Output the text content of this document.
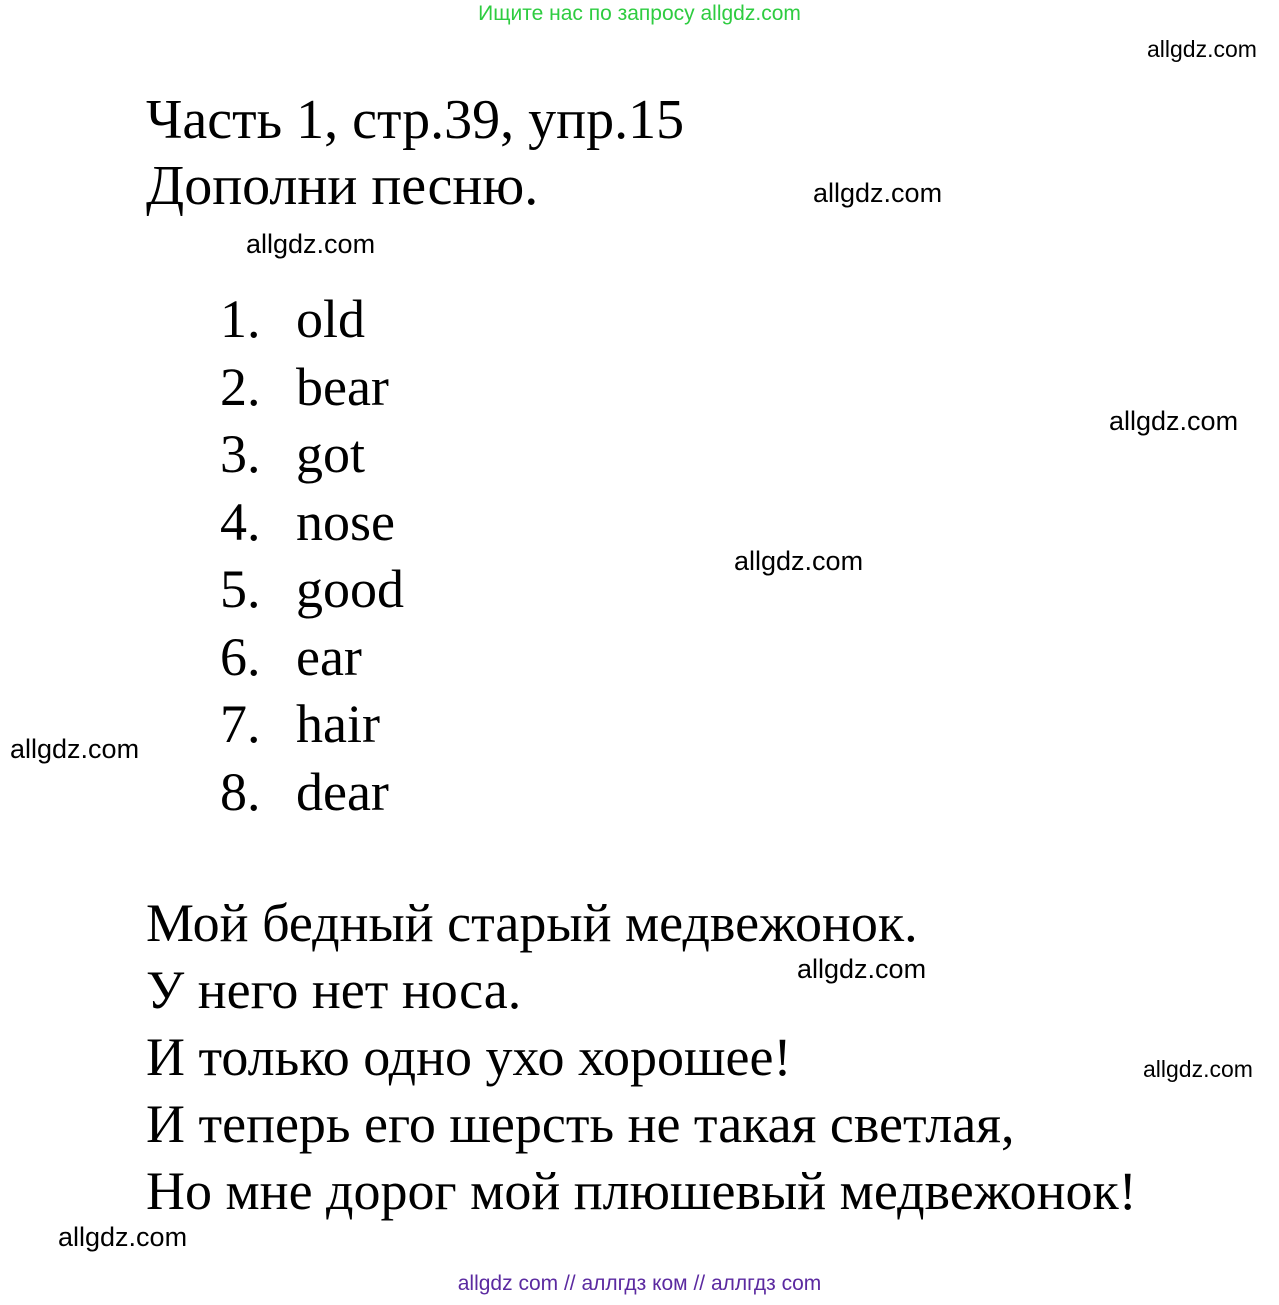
Ищите нас по запросу allgdz.com
allgdz.com
Часть 1, стр.39, упр.15
Дополни песню.	allgdz.com
allgdz.com
allgdz.com
allgdz.com
allgdz.com
1. old
2. bear
3. got
4. nose
5. good
6. ear
7. hair
8. dear
Мой бедный старый медвежонок.
У него нет носа.
И только одно ухо хорошее!
И теперь его шерсть не такая светлая,
Но мне дорог мой плюшевый медвежонок!
allgdz.com
allgdz.com
allgdz.com
allgdz com // аллгдз ком // аллгдз com
